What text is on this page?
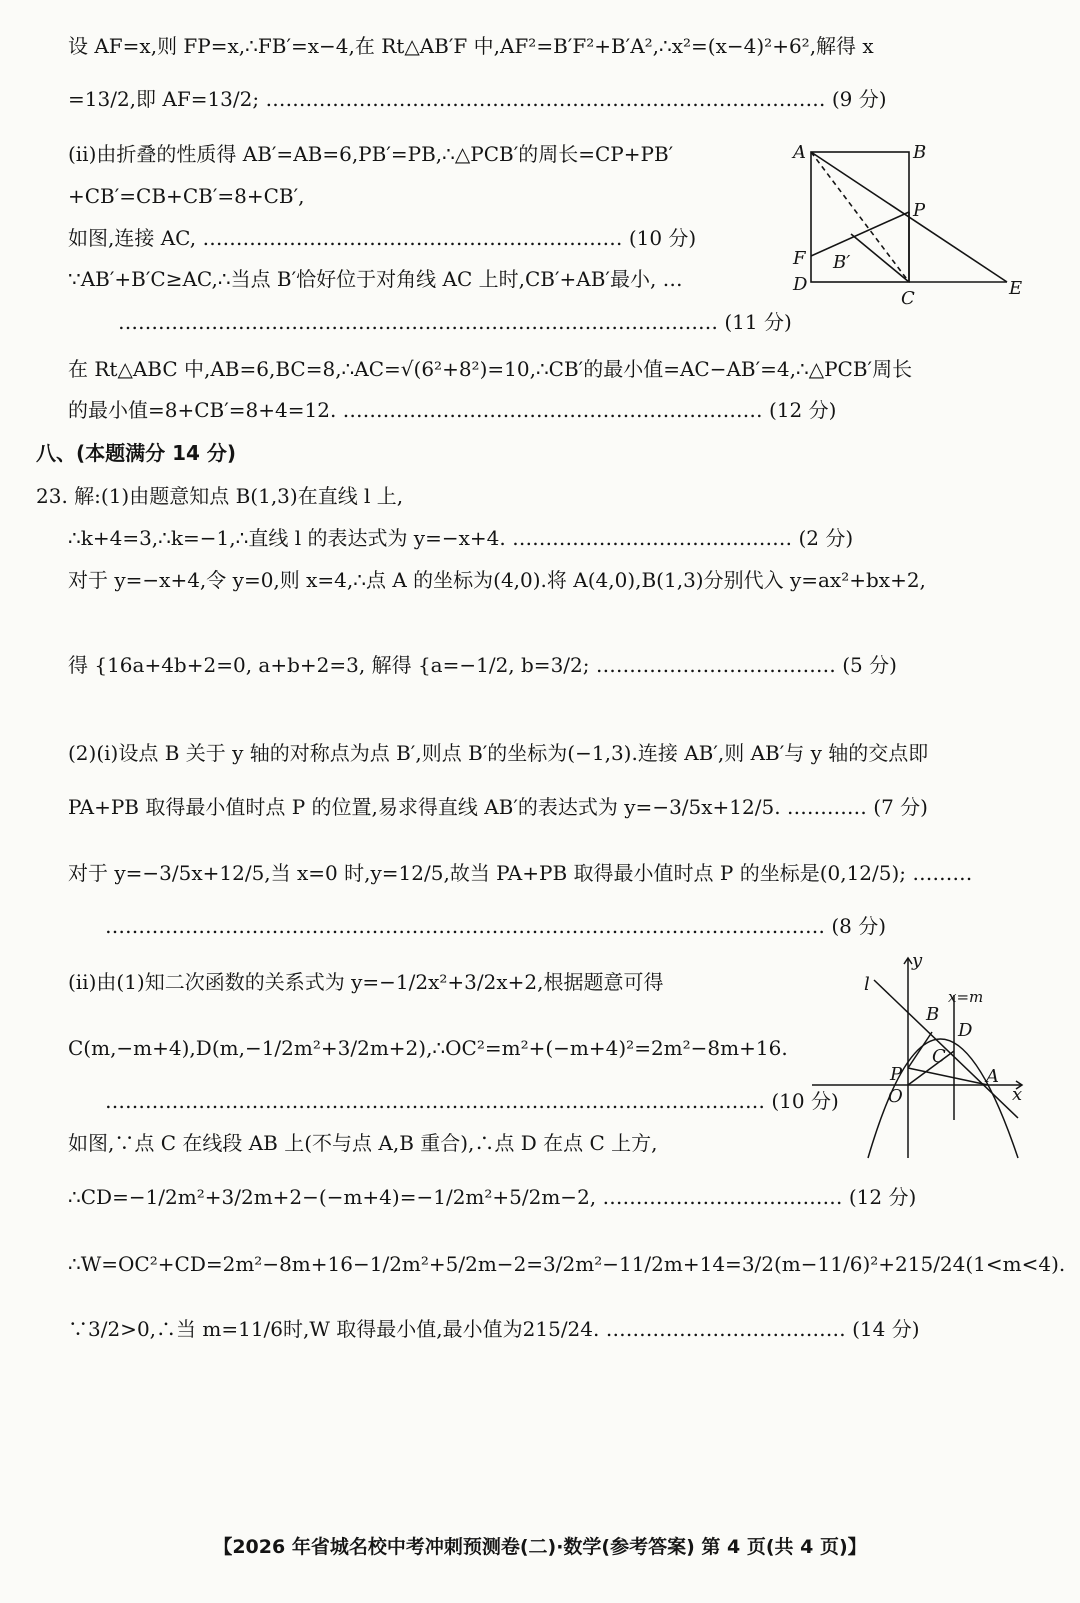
设 AF=x,则 FP=x,∴FB′=x−4,在 Rt△AB′F 中,AF²=B′F²+B′A²,∴x²=(x−4)²+6²,解得 x
=13/2,即 AF=13/2; ………………………………………………………………………… (9 分)
(ⅱ)由折叠的性质得 AB′=AB=6,PB′=PB,∴△PCB′的周长=CP+PB′
+CB′=CB+CB′=8+CB′,
如图,连接 AC, ……………………………………………………… (10 分)
∵AB′+B′C≥AC,∴当点 B′恰好位于对角线 AC 上时,CB′+AB′最小, …
……………………………………………………………………………… (11 分)
在 Rt△ABC 中,AB=6,BC=8,∴AC=√(6²+8²)=10,∴CB′的最小值=AC−AB′=4,∴△PCB′周长
的最小值=8+CB′=8+4=12. ……………………………………………………… (12 分)
八、(本题满分 14 分)
23. 解:(1)由题意知点 B(1,3)在直线 l 上,
∴k+4=3,∴k=−1,∴直线 l 的表达式为 y=−x+4. …………………………………… (2 分)
对于 y=−x+4,令 y=0,则 x=4,∴点 A 的坐标为(4,0).将 A(4,0),B(1,3)分别代入 y=ax²+bx+2,
得 {16a+4b+2=0, a+b+2=3, 解得 {a=−1/2, b=3/2; ……………………………… (5 分)
(2)(ⅰ)设点 B 关于 y 轴的对称点为点 B′,则点 B′的坐标为(−1,3).连接 AB′,则 AB′与 y 轴的交点即
PA+PB 取得最小值时点 P 的位置,易求得直线 AB′的表达式为 y=−3/5x+12/5. ………… (7 分)
对于 y=−3/5x+12/5,当 x=0 时,y=12/5,故当 PA+PB 取得最小值时点 P 的坐标是(0,12/5); ………
……………………………………………………………………………………………… (8 分)
(ⅱ)由(1)知二次函数的关系式为 y=−1/2x²+3/2x+2,根据题意可得
C(m,−m+4),D(m,−1/2m²+3/2m+2),∴OC²=m²+(−m+4)²=2m²−8m+16.
……………………………………………………………………………………… (10 分)
如图,∵点 C 在线段 AB 上(不与点 A,B 重合),∴点 D 在点 C 上方,
∴CD=−1/2m²+3/2m+2−(−m+4)=−1/2m²+5/2m−2, ……………………………… (12 分)
∴W=OC²+CD=2m²−8m+16−1/2m²+5/2m−2=3/2m²−11/2m+14=3/2(m−11/6)²+215/24(1<m<4).
∵3/2>0,∴当 m=11/6时,W 取得最小值,最小值为215/24. ……………………………… (14 分)
A	B
P
F B′
D
C	E
l
y
x=m
B
D
C
P	A
O	x
【2026 年省城名校中考冲刺预测卷(二)·数学(参考答案) 第 4 页(共 4 页)】
